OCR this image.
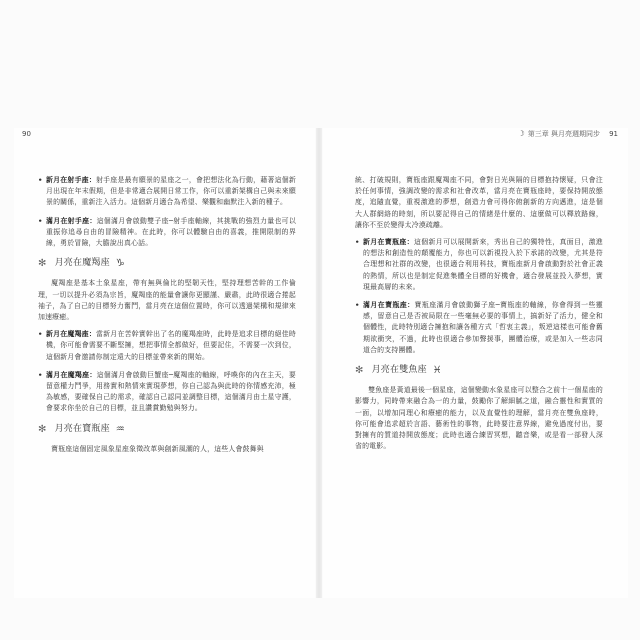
90	☽ 第三章 與月亮週期同步 91
• 新月在射手座：射手座是最有願景的星座之一，會把想法化為行動，藉著這個新月出現在年末假期，但是非常適合展開日常工作，你可以重新架構自己與未來願景的關係，重新注入活力。這個新月適合為希望、樂觀和幽默注入新的種子。
• 滿月在射手座：這個滿月會啟動雙子座─射手座軸線，其挑戰的強烈力量也可以重振你追尋自由的冒險精神。在此時，你可以體驗自由的喜義，推開限制的界線，勇於冒險，大膽說出真心話。
✻ 月亮在魔羯座 ♑

魔羯座是基本土象星座，帶有無與倫比的堅韌天性，堅持理想苦幹的工作倫理，一切以提升必須為宗旨，魔羯座的能量會讓你更顯謹、嚴肅，此時很適合捲起袖子，為了自己的目標努力奮鬥，當月亮在這個位置時，你可以透過架構和規律來加速療癒。

• 新月在魔羯座：當新月在苦幹實幹出了名的魔羯座時，此時是追求目標的絕佳時機，你可能會需要不斷堅擁，想把事情全都做好，但要記住，不需要一次到位，這個新月會邀請你制定遠大的目標並帶來新的開始。
• 滿月在魔羯座：這個滿月會啟動巨蟹座─魔羯座的軸線，呼喚你的內在主天，要留意權力鬥爭，用務實和熱情來實現夢想，你自己認為與此時的你情感充沛，極為敏感，要確保自己的需求，確認自己認同並調整目標，這個滿月由土星守護，會要求你坐於自己的目標，並且讚賞勤勉與努力。
✻ 月亮在寶瓶座 ♒

寶瓶座這個固定風象星座象徵改革與創新風潮的人，這些人會鼓舞與

統、打破規則，寶瓶座跟魔羯座不同，會對日光與隔的目標抱持懷疑，只會注於任何事情，強調改變的需求和社會改革，當月亮在寶瓶座時，要保持開放態度，追隨直覺，重視激進的夢想，創造力會可得你俯創新的方向邁進，這是個大人群網絡的時刻，所以要記得自己的情緒是什麼的、這麼做可以釋放路線，讓你不至於變得太冷漠疏離。

• 新月在寶瓶座：這個新月可以展開新來，秀出自己的獨特性，真面目，激進的想法和創造性的顛覆能力，你也可以新視投入於下承諾的改變，尤其是符合理想和社群的改變，也很適合利用科技，寶瓶座新月會啟動對於社會正義的熱情，所以也是制定促進集體全目標的好機會，適合發展並投入夢想，實現最高層的未來。
• 滿月在寶瓶座：寶瓶座滿月會啟動獅子座─寶瓶座的軸線，你會得到一些靈感，留意自己是否被局限在一些毫無必要的事情上，搞新好了活力，健全和個體性，此時特別適合擁抱和讓各種方式「哲衷主義」，叛逆這樣也可能會舊期欲衝突，不過，此時也很適合參加聲援事，團體治療，或是加入一些志同道合的支持團體。
✻ 月亮在雙魚座 ♓

雙魚座是黃道最後一個星座，這個變動水象星座可以整合之前十一個星座的影響力，同時帶來融合為一的力量，鼓勵你了解細膩之道，融合靈性和實質的一面，以增加同理心和療癒的能力，以及直覺性的理解，當月亮在雙魚座時，你可能會追求超於言語、藝術性的事物，此時要注意界線，避免過度付出，要對擁有的質道持開放態度；此時也適合練習冥想，聽音樂，或是看一部發人深省的電影。
